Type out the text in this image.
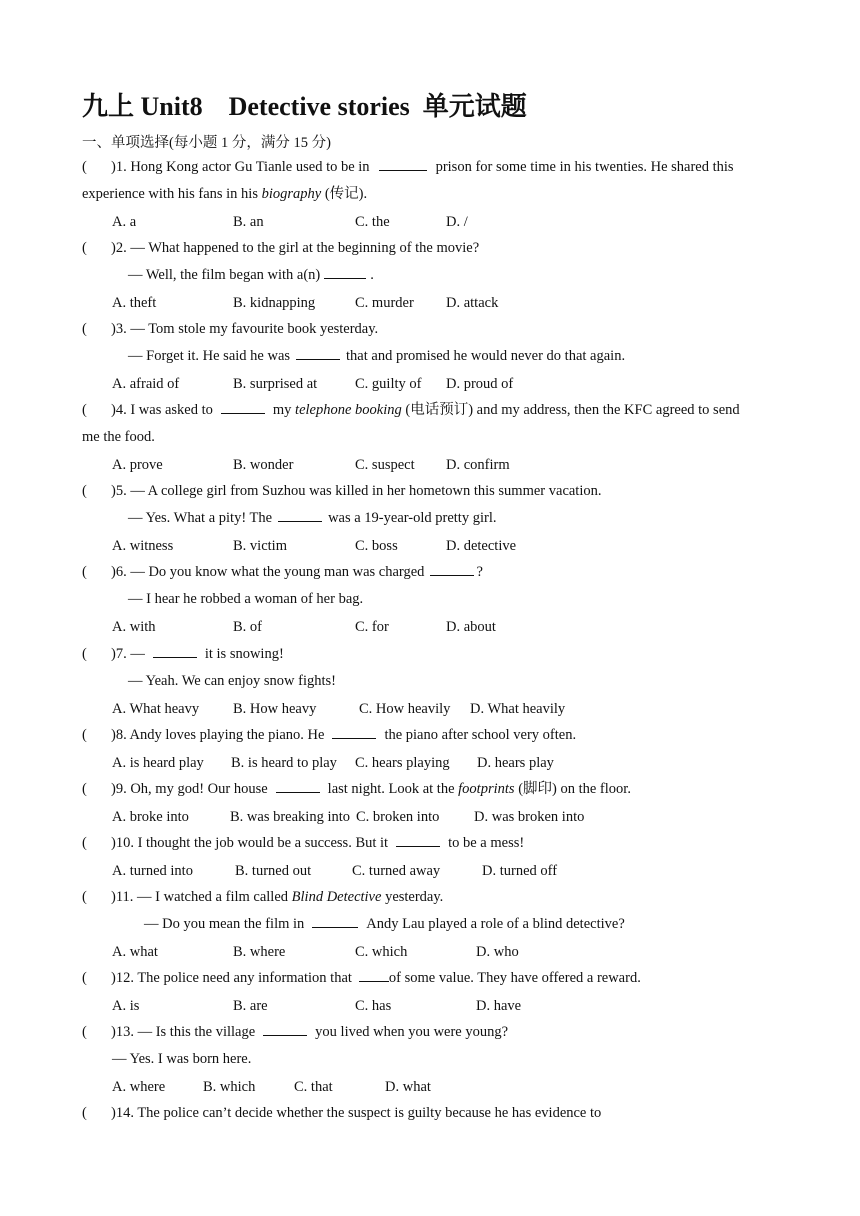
九上 Unit8    Detective stories  单元试题
一、单项选择(每小题 1 分，满分 15 分)
( )1. Hong Kong actor Gu Tianle used to be in	prison for some time in his twenties. He shared this
experience with his fans in his biography (传记).
A. a	B. an	C. the	D. /
( )2. — What happened to the girl at the beginning of the movie?
— Well, the film began with a(n)	.
A. theft	B. kidnapping	C. murder D. attack
( )3. — Tom stole my favourite book yesterday.
— Forget it. He said he was	that and promised he would never do that again.
A. afraid of	B. surprised at	C. guilty of D. proud of
( )4. I was asked to	my telephone booking (电话预订) and my address, then the KFC agreed to send
me the food.
A. prove	B. wonder	C. suspect D. confirm
( )5. — A college girl from Suzhou was killed in her hometown this summer vacation.
— Yes. What a pity! The	was a 19-year-old pretty girl.
A. witness	B. victim	C. boss	D. detective
( )6. — Do you know what the young man was charged	?
— I hear he robbed a woman of her bag.
A. with	B. of	C. for	D. about
( )7. —	it is snowing!
— Yeah. We can enjoy snow fights!
A. What heavy B. How heavy	C. How heavily D. What heavily
( )8. Andy loves playing the piano. He	the piano after school very often.
A. is heard play B. is heard to play C. hears playing D. hears play
( )9. Oh, my god! Our house	last night. Look at the footprints (脚印) on the floor.
A. broke into	B. was breaking into C. broken into D. was broken into
( )10. I thought the job would be a success. But it	to be a mess!
A. turned into	B. turned out	C. turned away	D. turned off
( )11. — I watched a film called Blind Detective yesterday.
— Do you mean the film in	Andy Lau played a role of a blind detective?
A. what	B. where	C. which	D. who
( )12. The police need any information that	of some value. They have offered a reward.
A. is	B. are	C. has	D. have
( )13. — Is this the village	you lived when you were young?
— Yes. I was born here.
A. where	B. which	C. that	D. what
( )14. The police can’t decide whether the suspect is guilty because he has evidence to
